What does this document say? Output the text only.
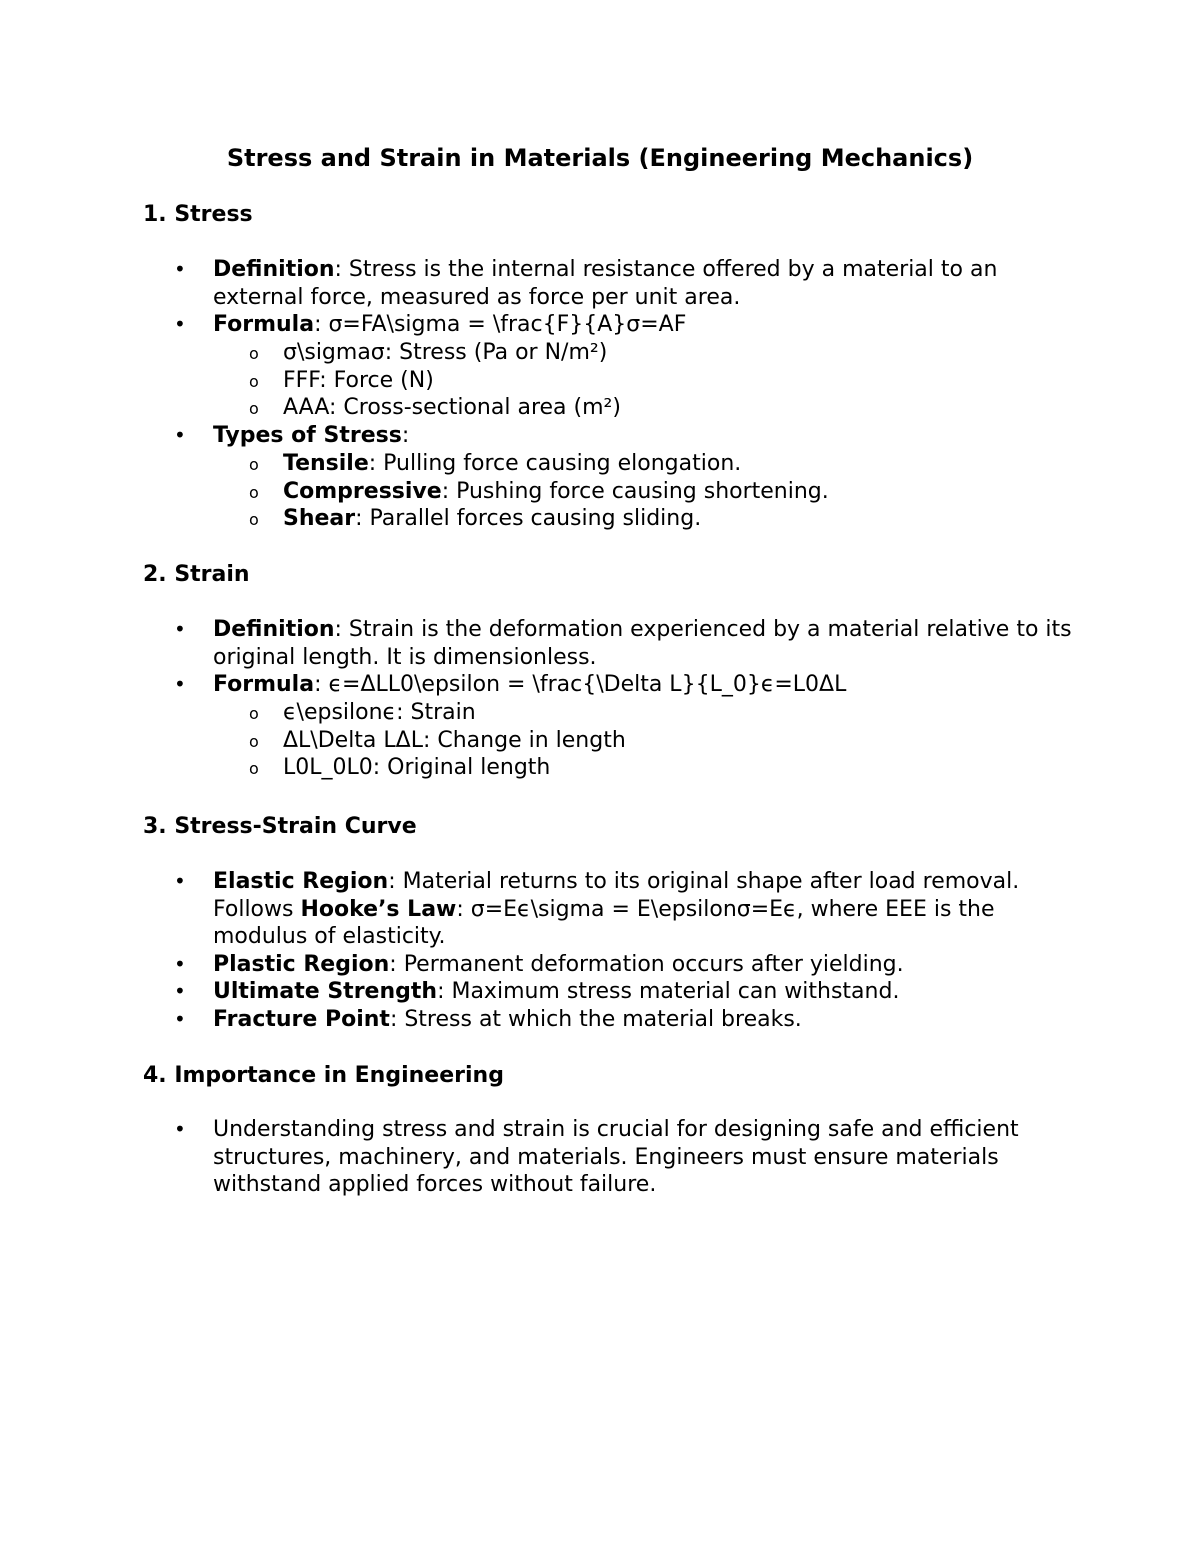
Stress and Strain in Materials (Engineering Mechanics)
1. Stress
• Definition: Stress is the internal resistance offered by a material to an external force, measured as force per unit area.
• Formula: σ=FA\sigma = \frac{F}{A}σ=AF
o σ\sigmaσ: Stress (Pa or N/m²)
o FFF: Force (N)
o AAA: Cross-sectional area (m²)
• Types of Stress:
o Tensile: Pulling force causing elongation.
o Compressive: Pushing force causing shortening.
o Shear: Parallel forces causing sliding.
2. Strain
• Definition: Strain is the deformation experienced by a material relative to its original length. It is dimensionless.
• Formula: ϵ=ΔLL0\epsilon = \frac{\Delta L}{L_0}ϵ=L0ΔL
o ϵ\epsilonϵ: Strain
o ΔL\Delta LΔL: Change in length
o L0L_0L0: Original length
3. Stress-Strain Curve
• Elastic Region: Material returns to its original shape after load removal. Follows Hooke’s Law: σ=Eϵ\sigma = E\epsilonσ=Eϵ, where EEE is the modulus of elasticity.
• Plastic Region: Permanent deformation occurs after yielding.
• Ultimate Strength: Maximum stress material can withstand.
• Fracture Point: Stress at which the material breaks.
4. Importance in Engineering
• Understanding stress and strain is crucial for designing safe and efficient structures, machinery, and materials. Engineers must ensure materials withstand applied forces without failure.
